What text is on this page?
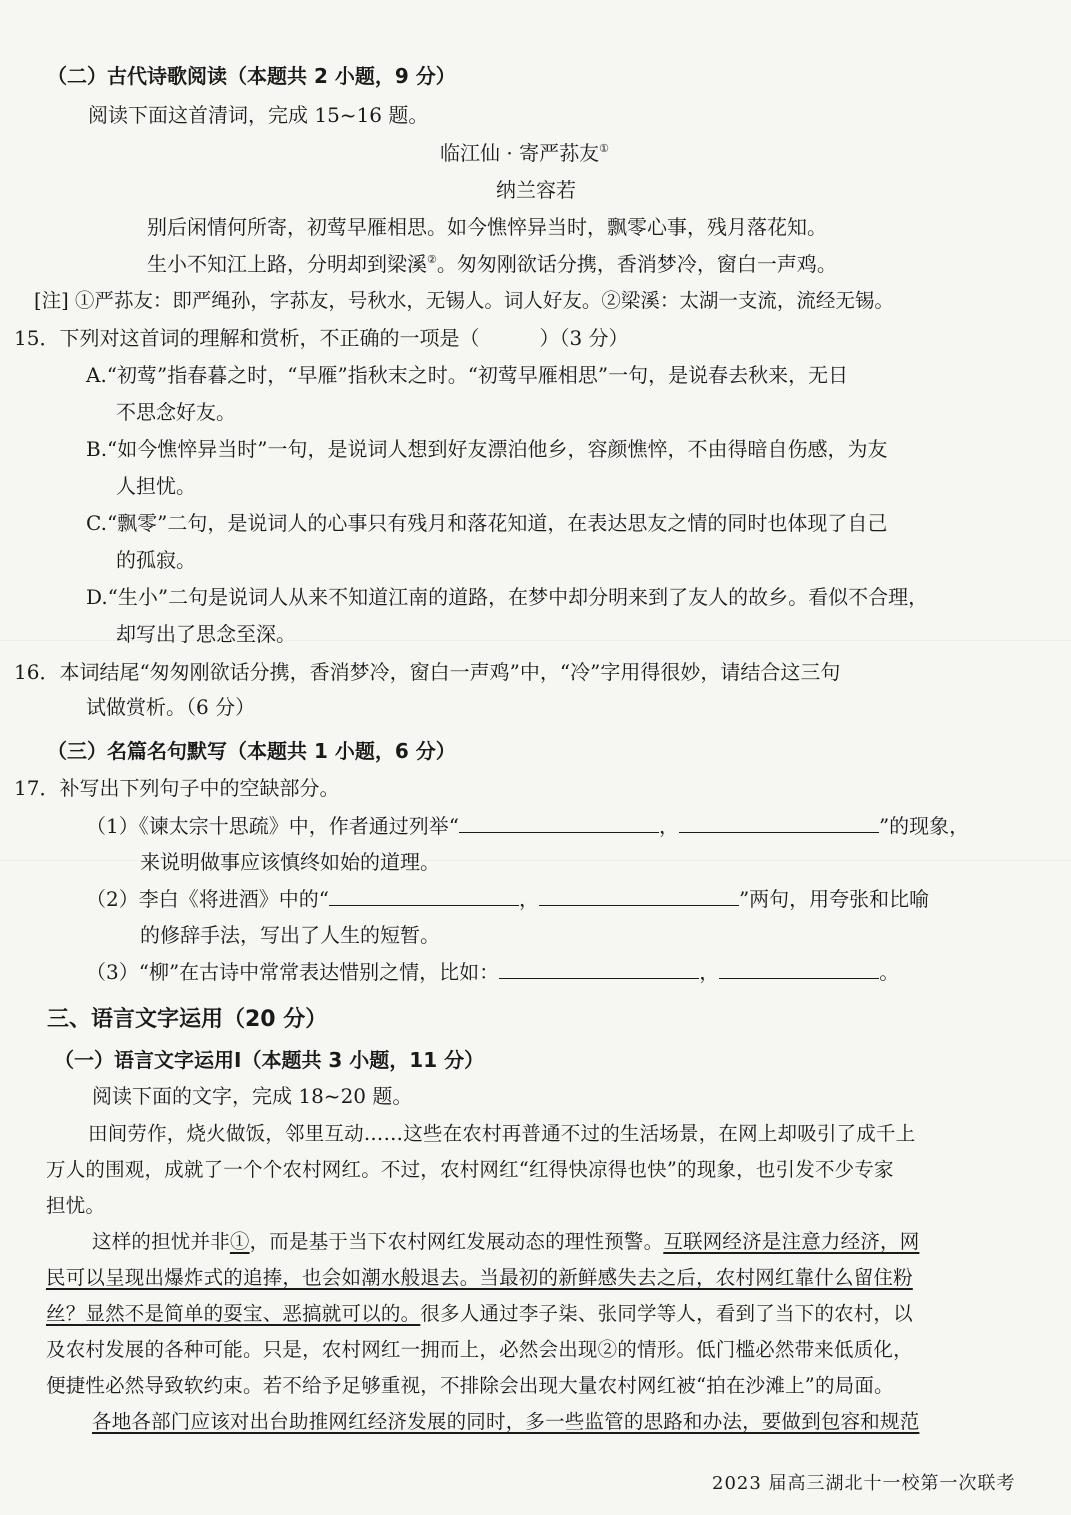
（二）古代诗歌阅读（本题共 2 小题，9 分）
阅读下面这首清词，完成 15~16 题。
临江仙 · 寄严荪友①
纳兰容若
别后闲情何所寄，初莺早雁相思。如今憔悴异当时，飘零心事，残月落花知。
生小不知江上路，分明却到梁溪②。匆匆刚欲话分携，香消梦冷，窗白一声鸡。
[注] ①严荪友：即严绳孙，字荪友，号秋水，无锡人。词人好友。②梁溪：太湖一支流，流经无锡。
15．下列对这首词的理解和赏析，不正确的一项是（	）（3 分）
A.“初莺”指春暮之时，“早雁”指秋末之时。“初莺早雁相思”一句，是说春去秋来，无日
不思念好友。
B.“如今憔悴异当时”一句，是说词人想到好友漂泊他乡，容颜憔悴，不由得暗自伤感，为友
人担忧。
C.“飘零”二句，是说词人的心事只有残月和落花知道，在表达思友之情的同时也体现了自己
的孤寂。
D.“生小”二句是说词人从来不知道江南的道路，在梦中却分明来到了友人的故乡。看似不合理，
却写出了思念至深。
16．本词结尾“匆匆刚欲话分携，香消梦冷，窗白一声鸡”中，“冷”字用得很妙，请结合这三句
试做赏析。（6 分）
（三）名篇名句默写（本题共 1 小题，6 分）
17．补写出下列句子中的空缺部分。
（1）《谏太宗十思疏》中，作者通过列举“	，	”的现象，
来说明做事应该慎终如始的道理。
（2）李白《将进酒》中的“	，	”两句，用夸张和比喻
的修辞手法，写出了人生的短暂。
（3）“柳”在古诗中常常表达惜别之情，比如：	，	。
三、语言文字运用（20 分）
（一）语言文字运用Ⅰ（本题共 3 小题，11 分）
阅读下面的文字，完成 18~20 题。
田间劳作，烧火做饭，邻里互动……这些在农村再普通不过的生活场景，在网上却吸引了成千上
万人的围观，成就了一个个农村网红。不过，农村网红“红得快凉得也快”的现象，也引发不少专家
担忧。
这样的担忧并非①，而是基于当下农村网红发展动态的理性预警。互联网经济是注意力经济，网
民可以呈现出爆炸式的追捧，也会如潮水般退去。当最初的新鲜感失去之后，农村网红靠什么留住粉
丝？显然不是简单的耍宝、恶搞就可以的。很多人通过李子柒、张同学等人，看到了当下的农村，以
及农村发展的各种可能。只是，农村网红一拥而上，必然会出现②的情形。低门槛必然带来低质化，
便捷性必然导致软约束。若不给予足够重视，不排除会出现大量农村网红被“拍在沙滩上”的局面。
各地各部门应该对出台助推网红经济发展的同时，多一些监管的思路和办法，要做到包容和规范
2023 届高三湖北十一校第一次联考
